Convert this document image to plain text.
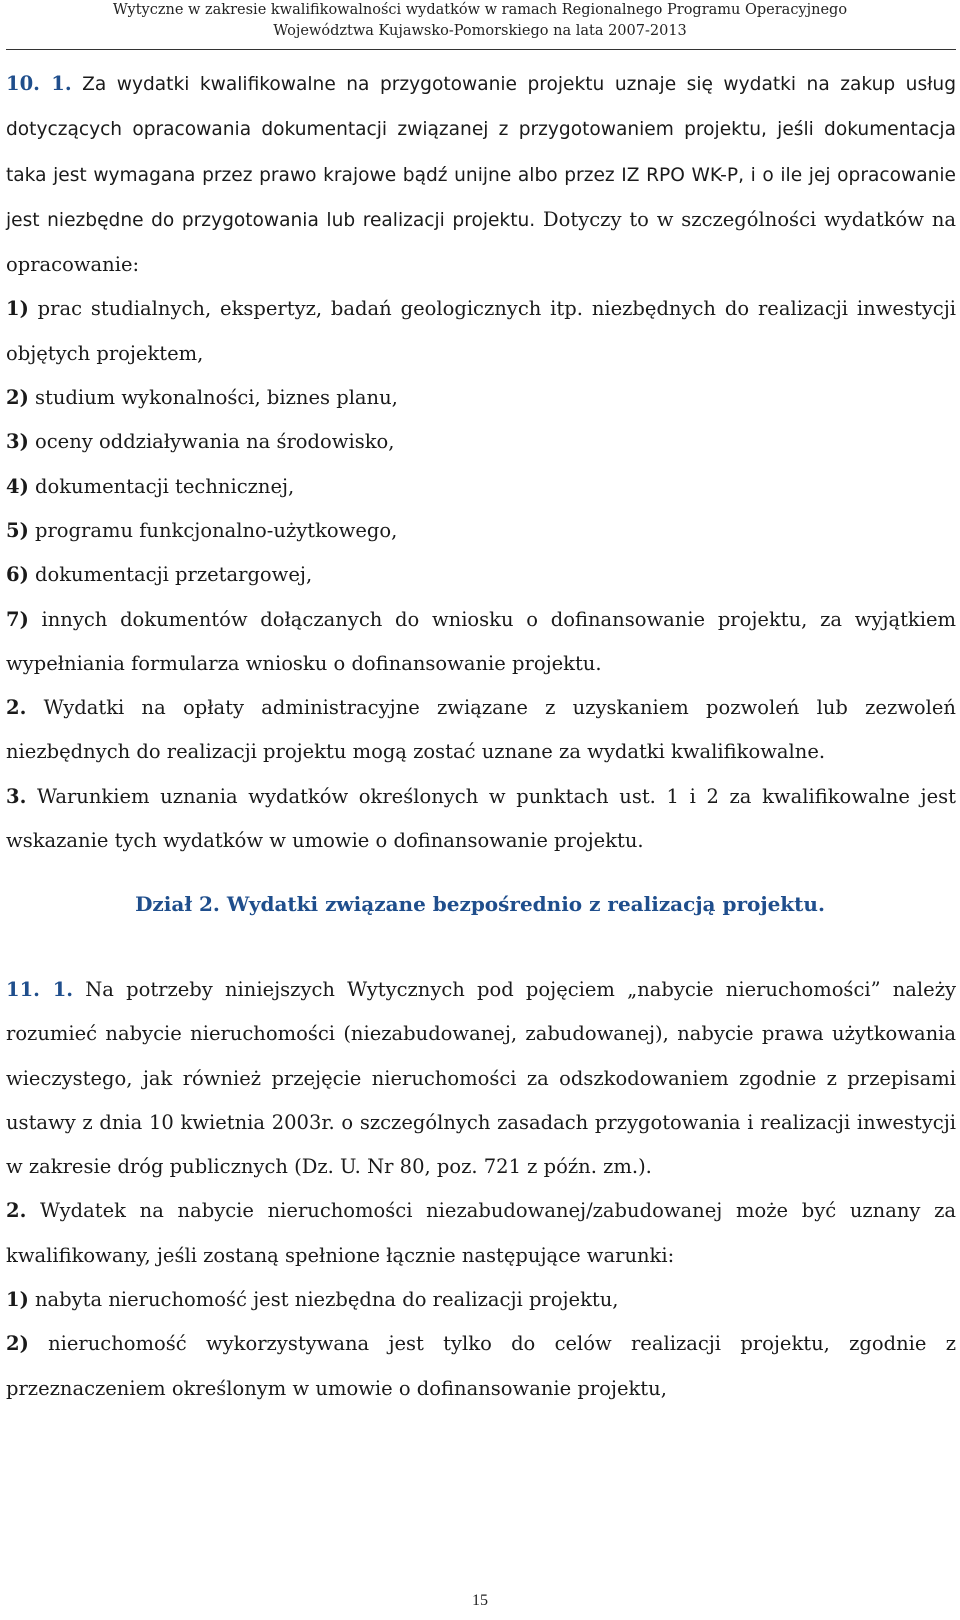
Wytyczne w zakresie kwalifikowalności wydatków w ramach Regionalnego Programu Operacyjnego
Województwa Kujawsko-Pomorskiego na lata 2007-2013

10. 1. Za wydatki kwalifikowalne na przygotowanie projektu uznaje się wydatki na zakup usług dotyczących opracowania dokumentacji związanej z przygotowaniem projektu, jeśli dokumentacja taka jest wymagana przez prawo krajowe bądź unijne albo przez IZ RPO WK-P, i o ile jej opracowanie jest niezbędne do przygotowania lub realizacji projektu. Dotyczy to w szczególności wydatków na opracowanie:

1) prac studialnych, ekspertyz, badań geologicznych itp. niezbędnych do realizacji inwestycji objętych projektem,

2) studium wykonalności, biznes planu,

3) oceny oddziaływania na środowisko,

4) dokumentacji technicznej,

5) programu funkcjonalno-użytkowego,

6) dokumentacji przetargowej,

7) innych dokumentów dołączanych do wniosku o dofinansowanie projektu, za wyjątkiem wypełniania formularza wniosku o dofinansowanie projektu.

2. Wydatki na opłaty administracyjne związane z uzyskaniem pozwoleń lub zezwoleń niezbędnych do realizacji projektu mogą zostać uznane za wydatki kwalifikowalne.

3. Warunkiem uznania wydatków określonych w punktach ust. 1 i 2 za kwalifikowalne jest wskazanie tych wydatków w umowie o dofinansowanie projektu.

Dział 2. Wydatki związane bezpośrednio z realizacją projektu.

11. 1. Na potrzeby niniejszych Wytycznych pod pojęciem „nabycie nieruchomości” należy rozumieć nabycie nieruchomości (niezabudowanej, zabudowanej), nabycie prawa użytkowania wieczystego, jak również przejęcie nieruchomości za odszkodowaniem zgodnie z przepisami ustawy z dnia 10 kwietnia 2003r. o szczególnych zasadach przygotowania i realizacji inwestycji w zakresie dróg publicznych (Dz. U. Nr 80, poz. 721 z późn. zm.).

2. Wydatek na nabycie nieruchomości niezabudowanej/zabudowanej może być uznany za kwalifikowany, jeśli zostaną spełnione łącznie następujące warunki:

1) nabyta nieruchomość jest niezbędna do realizacji projektu,

2) nieruchomość wykorzystywana jest tylko do celów realizacji projektu, zgodnie z przeznaczeniem określonym w umowie o dofinansowanie projektu,

15
